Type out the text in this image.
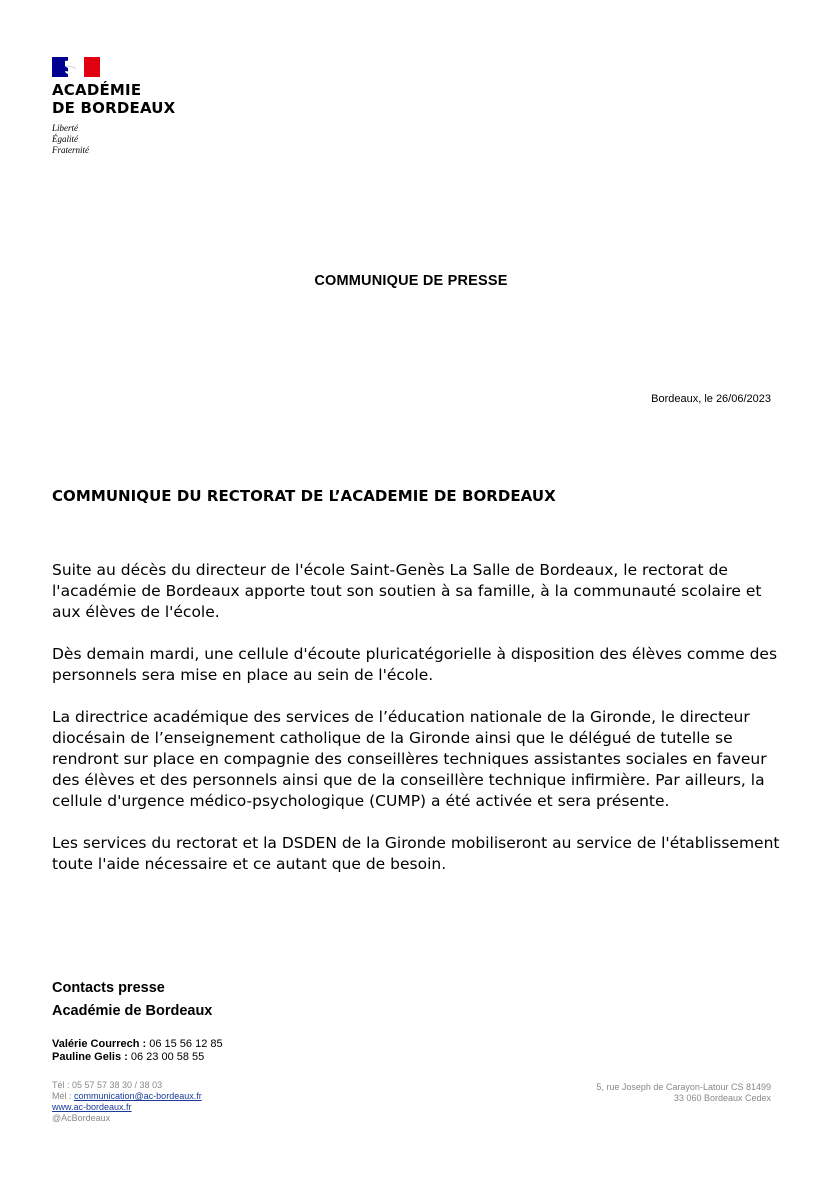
ACADÉMIE
DE BORDEAUX
Liberté
Égalité
Fraternité
COMMUNIQUE DE PRESSE
Bordeaux, le 26/06/2023
COMMUNIQUE DU RECTORAT DE L’ACADEMIE DE BORDEAUX

Suite au décès du directeur de l'école Saint-Genès La Salle de Bordeaux, le rectorat de l'académie de Bordeaux apporte tout son soutien à sa famille, à la communauté scolaire et aux élèves de l'école.

Dès demain mardi, une cellule d'écoute pluricatégorielle à disposition des élèves comme des personnels sera mise en place au sein de l'école.

La directrice académique des services de l’éducation nationale de la Gironde, le directeur diocésain de l’enseignement catholique de la Gironde ainsi que le délégué de tutelle se rendront sur place en compagnie des conseillères techniques assistantes sociales en faveur des élèves et des personnels ainsi que de la conseillère technique infirmière. Par ailleurs, la cellule d'urgence médico-psychologique (CUMP) a été activée et sera présente.

Les services du rectorat et la DSDEN de la Gironde mobiliseront au service de l'établissement toute l'aide nécessaire et ce autant que de besoin.

Contacts presse
Académie de Bordeaux
Valérie Courrech : 06 15 56 12 85
Pauline Gelis : 06 23 00 58 55
Tél : 05 57 57 38 30 / 38 03
Mél : communication@ac-bordeaux.fr
www.ac-bordeaux.fr
@AcBordeaux
5, rue Joseph de Carayon-Latour CS 81499
33 060 Bordeaux Cedex
